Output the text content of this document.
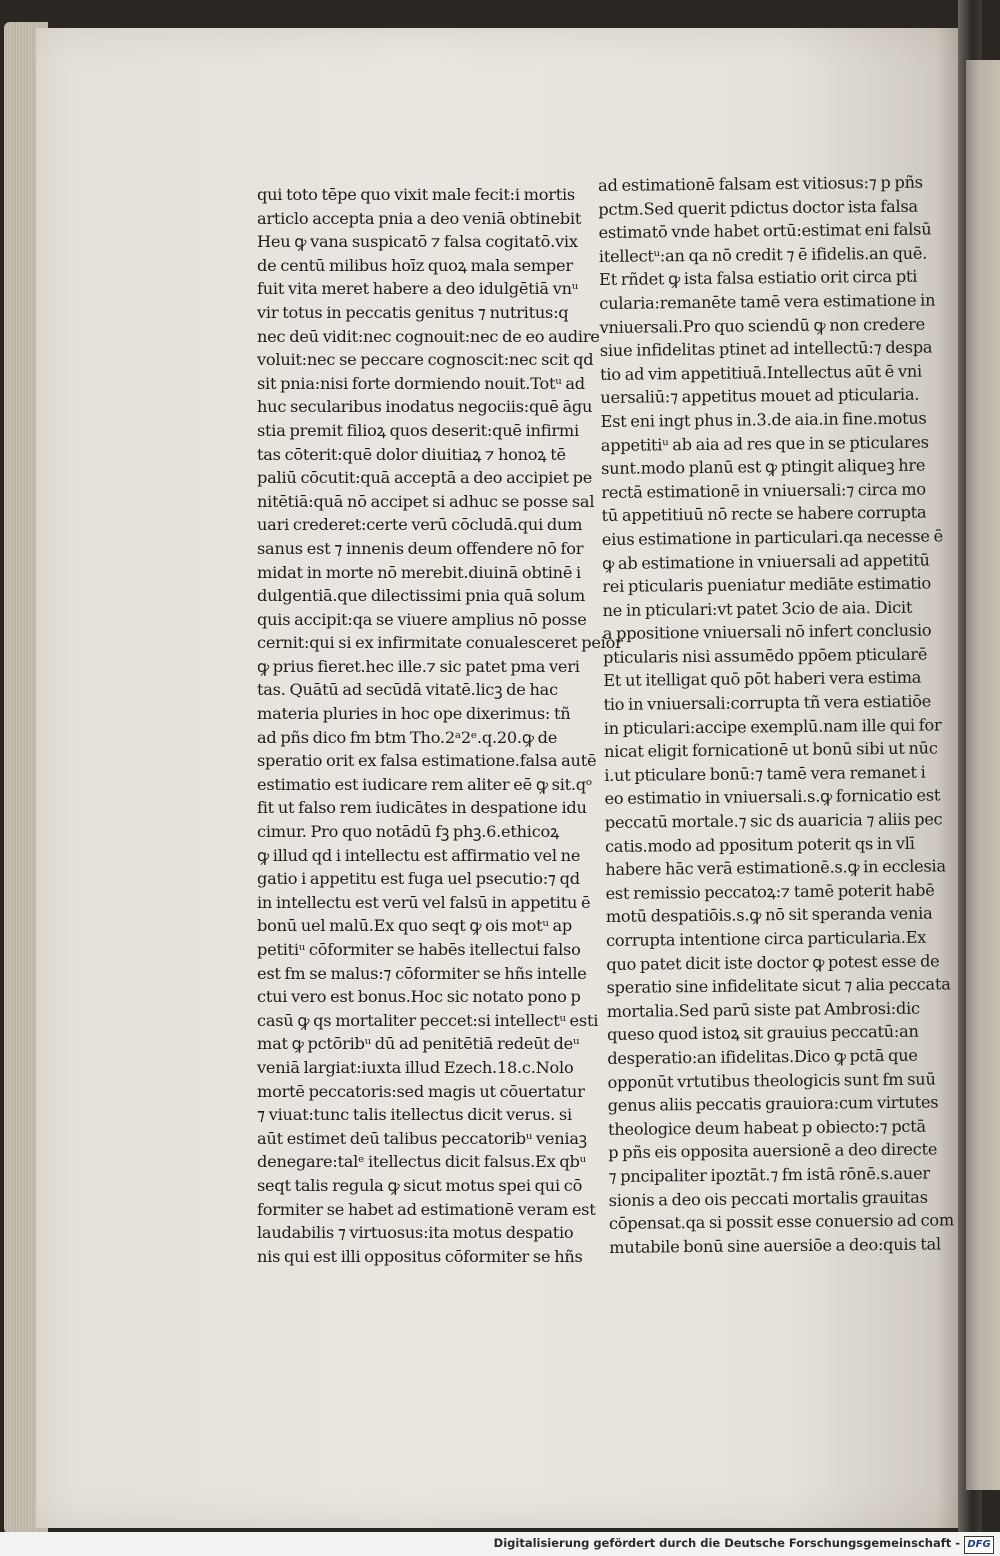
qui toto tēpe quo vixit male fecit:i mortis
articlo accepta pnia a deo veniā obtinebit
Heu ꝙ vana suspicatō ⁊ falsa cogitatō.vix
de centū milibus hoīz quoꝝ mala semper
fuit vita meret habere a deo idulgētiā vnᵘ
vir totus in peccatis genitus ⁊ nutritus:q
nec deū vidit:nec cognouit:nec de eo audire
voluit:nec se peccare cognoscit:nec scit qd
sit pnia:nisi forte dormiendo nouit.Totᵘ ad
huc secularibus inodatus negociis:quē āgu
stia premit filioꝝ quos deserit:quē infirmi
tas cōterit:quē dolor diuitiaꝝ ⁊ honoꝝ tē
paliū cōcutit:quā acceptā a deo accipiet pe
nitētiā:quā nō accipet si adhuc se posse sal
uari crederet:certe verū cōcludā.qui dum
sanus est ⁊ innenis deum offendere nō for
midat in morte nō merebit.diuinā obtinē i
dulgentiā.que dilectissimi pnia quā solum
quis accipit:qa se viuere amplius nō posse
cernit:qui si ex infirmitate conualesceret peior
ꝙ prius fieret.hec ille.⁊ sic patet pma veri
tas. Quātū ad secūdā vitatē.licꝫ de hac
materia pluries in hoc ope dixerimus: tñ
ad pñs dico fm btm Tho.2ᵃ2ᵉ.q.20.ꝙ de
speratio orit ex falsa estimatione.falsa autē
estimatio est iudicare rem aliter eē ꝙ sit.qᵒ
fit ut falso rem iudicātes in despatione idu
cimur. Pro quo notādū fꝫ phꝫ.6.ethicoꝝ
ꝙ illud qd i intellectu est affirmatio vel ne
gatio i appetitu est fuga uel psecutio:⁊ qd
in intellectu est verū vel falsū in appetitu ē
bonū uel malū.Ex quo seqt ꝙ ois motᵘ ap
petitiᵘ cōformiter se habēs itellectui falso
est fm se malus:⁊ cōformiter se hñs intelle
ctui vero est bonus.Hoc sic notato pono p
casū ꝙ qs mortaliter peccet:si intellectᵘ esti
mat ꝙ pctōribᵘ dū ad penitētiā redeūt deᵘ
veniā largiat:iuxta illud Ezech.18.c.Nolo
mortē peccatoris:sed magis ut cōuertatur
⁊ viuat:tunc talis itellectus dicit verus. si
aūt estimet deū talibus peccatoribᵘ veniaꝫ
denegare:talᵉ itellectus dicit falsus.Ex qbᵘ
seqt talis regula ꝙ sicut motus spei qui cō
formiter se habet ad estimationē veram est
laudabilis ⁊ virtuosus:ita motus despatio
nis qui est illi oppositus cōformiter se hñs
ad estimationē falsam est vitiosus:⁊ p pñs
pctm.Sed querit pdictus doctor ista falsa
estimatō vnde habet ortū:estimat eni falsū
itellectᵘ:an qa nō credit ⁊ ē ifidelis.an quē.
Et rñdet ꝙ ista falsa estiatio orit circa pti
cularia:remanēte tamē vera estimatione in
vniuersali.Pro quo sciendū ꝙ non credere
siue infidelitas ptinet ad intellectū:⁊ despa
tio ad vim appetitiuā.Intellectus aūt ē vni
uersaliū:⁊ appetitus mouet ad pticularia.
Est eni ingt phus in.3.de aia.in fine.motus
appetitiᵘ ab aia ad res que in se pticulares
sunt.modo planū est ꝙ ptingit aliqueꝫ hre
rectā estimationē in vniuersali:⁊ circa mo
tū appetitiuū nō recte se habere corrupta
eius estimatione in particulari.qa necesse ē
ꝙ ab estimatione in vniuersali ad appetitū
rei pticularis pueniatur mediāte estimatio
ne in pticulari:vt patet 3cio de aia. Dicit
a ppositione vniuersali nō infert conclusio
pticularis nisi assumēdo ppōem pticularē
Et ut itelligat quō pōt haberi vera estima
tio in vniuersali:corrupta tñ vera estiatiōe
in pticulari:accipe exemplū.nam ille qui for
nicat eligit fornicationē ut bonū sibi ut nūc
i.ut pticulare bonū:⁊ tamē vera remanet i
eo estimatio in vniuersali.s.ꝙ fornicatio est
peccatū mortale.⁊ sic ds auaricia ⁊ aliis pec
catis.modo ad ppositum poterit qs in vlī
habere hāc verā estimationē.s.ꝙ in ecclesia
est remissio peccatoꝝ:⁊ tamē poterit habē
motū despatiōis.s.ꝙ nō sit speranda venia
corrupta intentione circa particularia.Ex
quo patet dicit iste doctor ꝙ potest esse de
speratio sine infidelitate sicut ⁊ alia peccata
mortalia.Sed parū siste pat Ambrosi:dic
queso quod istoꝝ sit grauius peccatū:an
desperatio:an ifidelitas.Dico ꝙ pctā que
opponūt vrtutibus theologicis sunt fm suū
genus aliis peccatis grauiora:cum virtutes
theologice deum habeat p obiecto:⁊ pctā
p pñs eis opposita auersionē a deo directe
⁊ pncipaliter ipoztāt.⁊ fm istā rōnē.s.auer
sionis a deo ois peccati mortalis grauitas
cōpensat.qa si possit esse conuersio ad com
mutabile bonū sine auersiōe a deo:quis tal
Digitalisierung gefördert durch die Deutsche Forschungsgemeinschaft - DFG
